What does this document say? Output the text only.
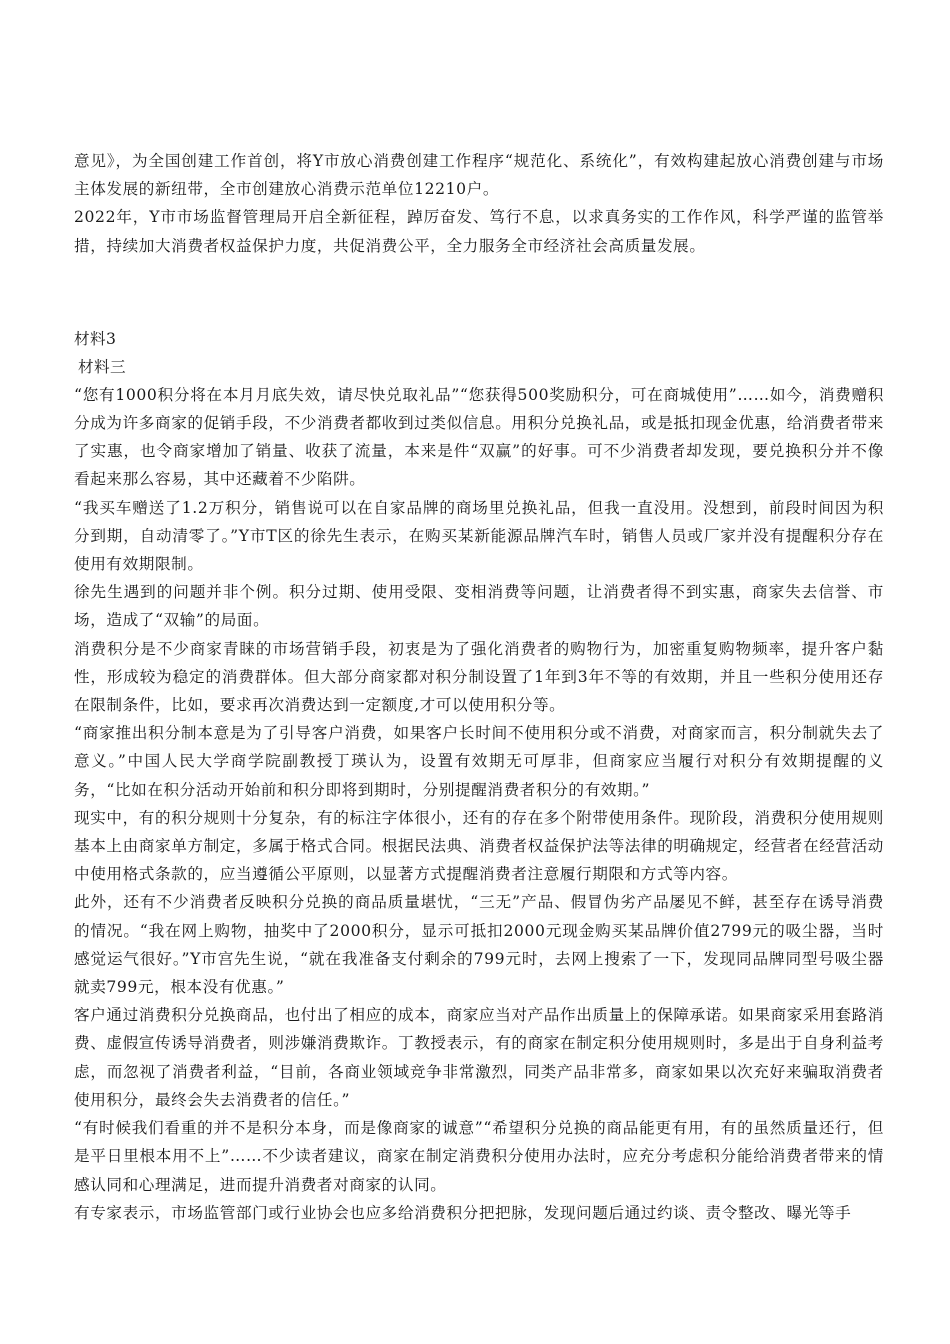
意见》，为全国创建工作首创，将Y市放心消费创建工作程序“规范化、系统化”，有效构建起放心消费创建与市场主体发展的新纽带，全市创建放心消费示范单位12210户。

2022年，Y市市场监督管理局开启全新征程，踔厉奋发、笃行不息，以求真务实的工作作风，科学严谨的监管举措，持续加大消费者权益保护力度，共促消费公平，全力服务全市经济社会高质量发展。

材料3

材料三

“您有1000积分将在本月月底失效，请尽快兑取礼品”“您获得500奖励积分，可在商城使用”……如今，消费赠积分成为许多商家的促销手段，不少消费者都收到过类似信息。用积分兑换礼品，或是抵扣现金优惠，给消费者带来了实惠，也令商家增加了销量、收获了流量，本来是件“双赢”的好事。可不少消费者却发现，要兑换积分并不像看起来那么容易，其中还藏着不少陷阱。

“我买车赠送了1.2万积分，销售说可以在自家品牌的商场里兑换礼品，但我一直没用。没想到，前段时间因为积分到期，自动清零了。”Y市T区的徐先生表示，在购买某新能源品牌汽车时，销售人员或厂家并没有提醒积分存在使用有效期限制。

徐先生遇到的问题并非个例。积分过期、使用受限、变相消费等问题，让消费者得不到实惠，商家失去信誉、市场，造成了“双输”的局面。

消费积分是不少商家青睐的市场营销手段，初衷是为了强化消费者的购物行为，加密重复购物频率，提升客户黏性，形成较为稳定的消费群体。但大部分商家都对积分制设置了1年到3年不等的有效期，并且一些积分使用还存在限制条件，比如，要求再次消费达到一定额度,才可以使用积分等。

“商家推出积分制本意是为了引导客户消费，如果客户长时间不使用积分或不消费，对商家而言，积分制就失去了意义。”中国人民大学商学院副教授丁瑛认为，设置有效期无可厚非，但商家应当履行对积分有效期提醒的义务，“比如在积分活动开始前和积分即将到期时，分别提醒消费者积分的有效期。”

现实中，有的积分规则十分复杂，有的标注字体很小，还有的存在多个附带使用条件。现阶段，消费积分使用规则基本上由商家单方制定，多属于格式合同。根据民法典、消费者权益保护法等法律的明确规定，经营者在经营活动中使用格式条款的，应当遵循公平原则，以显著方式提醒消费者注意履行期限和方式等内容。

此外，还有不少消费者反映积分兑换的商品质量堪忧，“三无”产品、假冒伪劣产品屡见不鲜，甚至存在诱导消费的情况。“我在网上购物，抽奖中了2000积分，显示可抵扣2000元现金购买某品牌价值2799元的吸尘器，当时感觉运气很好。”Y市宫先生说，“就在我准备支付剩余的799元时，去网上搜索了一下，发现同品牌同型号吸尘器就卖799元，根本没有优惠。”

客户通过消费积分兑换商品，也付出了相应的成本，商家应当对产品作出质量上的保障承诺。如果商家采用套路消费、虚假宣传诱导消费者，则涉嫌消费欺诈。丁教授表示，有的商家在制定积分使用规则时，多是出于自身利益考虑，而忽视了消费者利益，“目前，各商业领域竞争非常激烈，同类产品非常多，商家如果以次充好来骗取消费者使用积分，最终会失去消费者的信任。”

“有时候我们看重的并不是积分本身，而是像商家的诚意”“希望积分兑换的商品能更有用，有的虽然质量还行，但是平日里根本用不上”……不少读者建议，商家在制定消费积分使用办法时，应充分考虑积分能给消费者带来的情感认同和心理满足，进而提升消费者对商家的认同。

有专家表示，市场监管部门或行业协会也应多给消费积分把把脉，发现问题后通过约谈、责令整改、曝光等手
